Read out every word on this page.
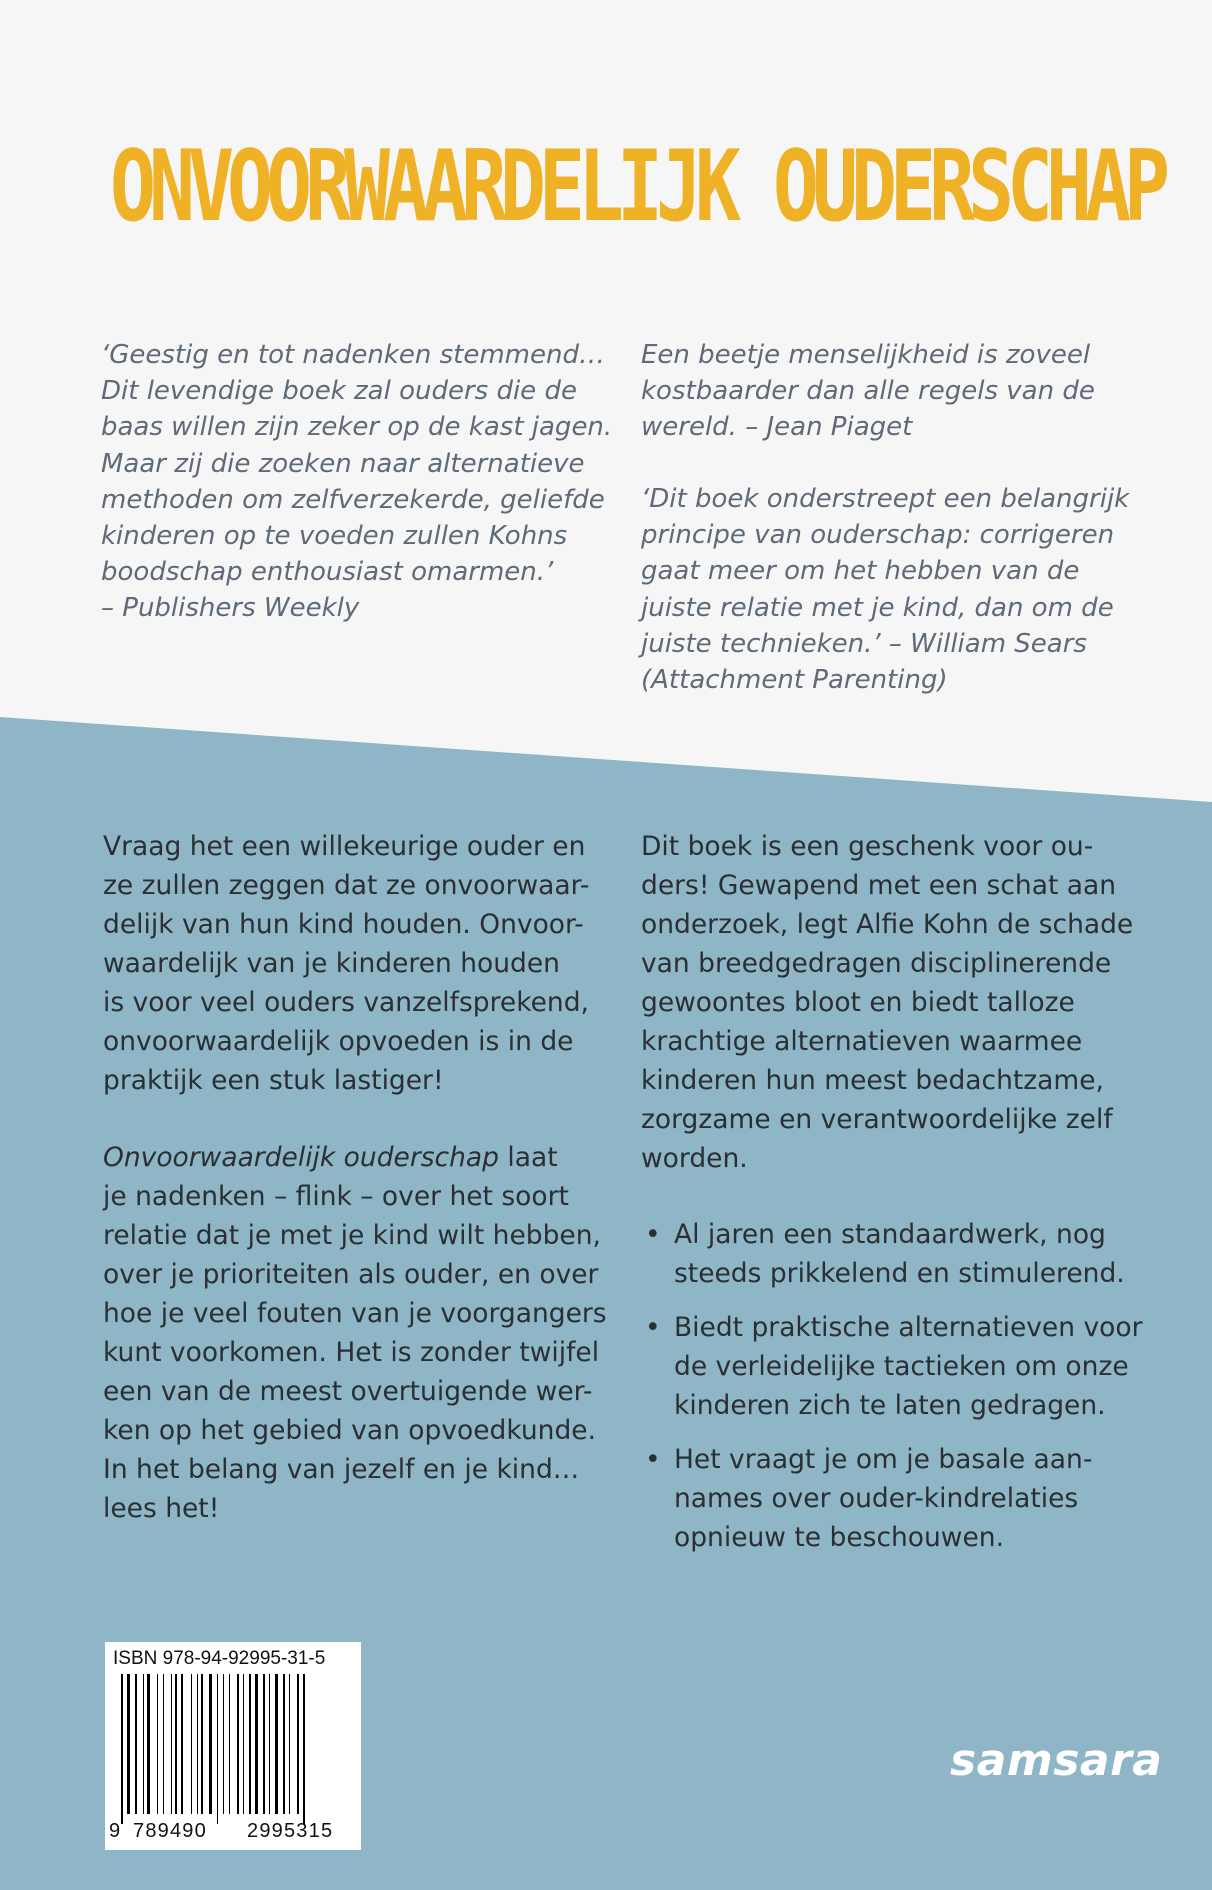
ONVOORWAARDELIJK OUDERSCHAP

‘Geestig en tot nadenken stemmend…

Dit levendige boek zal ouders die de

baas willen zijn zeker op de kast jagen.

Maar zij die zoeken naar alternatieve

methoden om zelfverzekerde, geliefde

kinderen op te voeden zullen Kohns

boodschap enthousiast omarmen.’

– Publishers Weekly

Een beetje menselijkheid is zoveel

kostbaarder dan alle regels van de

wereld. – Jean Piaget

‘Dit boek onderstreept een belangrijk

principe van ouderschap: corrigeren

gaat meer om het hebben van de

juiste relatie met je kind, dan om de

juiste technieken.’ – William Sears

(Attachment Parenting)

Vraag het een willekeurige ouder en

ze zullen zeggen dat ze onvoorwaar-

delijk van hun kind houden. Onvoor-

waardelijk van je kinderen houden

is voor veel ouders vanzelfsprekend,

onvoorwaardelijk opvoeden is in de

praktijk een stuk lastiger!

Onvoorwaardelijk ouderschap laat

je nadenken – flink – over het soort

relatie dat je met je kind wilt hebben,

over je prioriteiten als ouder, en over

hoe je veel fouten van je voorgangers

kunt voorkomen. Het is zonder twijfel

een van de meest overtuigende wer-

ken op het gebied van opvoedkunde.

In het belang van jezelf en je kind…

lees het!

Dit boek is een geschenk voor ou-

ders! Gewapend met een schat aan

onderzoek, legt Alfie Kohn de schade

van breedgedragen disciplinerende

gewoontes bloot en biedt talloze

krachtige alternatieven waarmee

kinderen hun meest bedachtzame,

zorgzame en verantwoordelijke zelf

worden.

• Al jaren een standaardwerk, nog
steeds prikkelend en stimulerend.
• Biedt praktische alternatieven voor
de verleidelijke tactieken om onze
kinderen zich te laten gedragen.
• Het vraagt je om je basale aan-
names over ouder-kindrelaties
opnieuw te beschouwen.
ISBN 978-94-92995-31-5
9 789490 2995315
samsara
